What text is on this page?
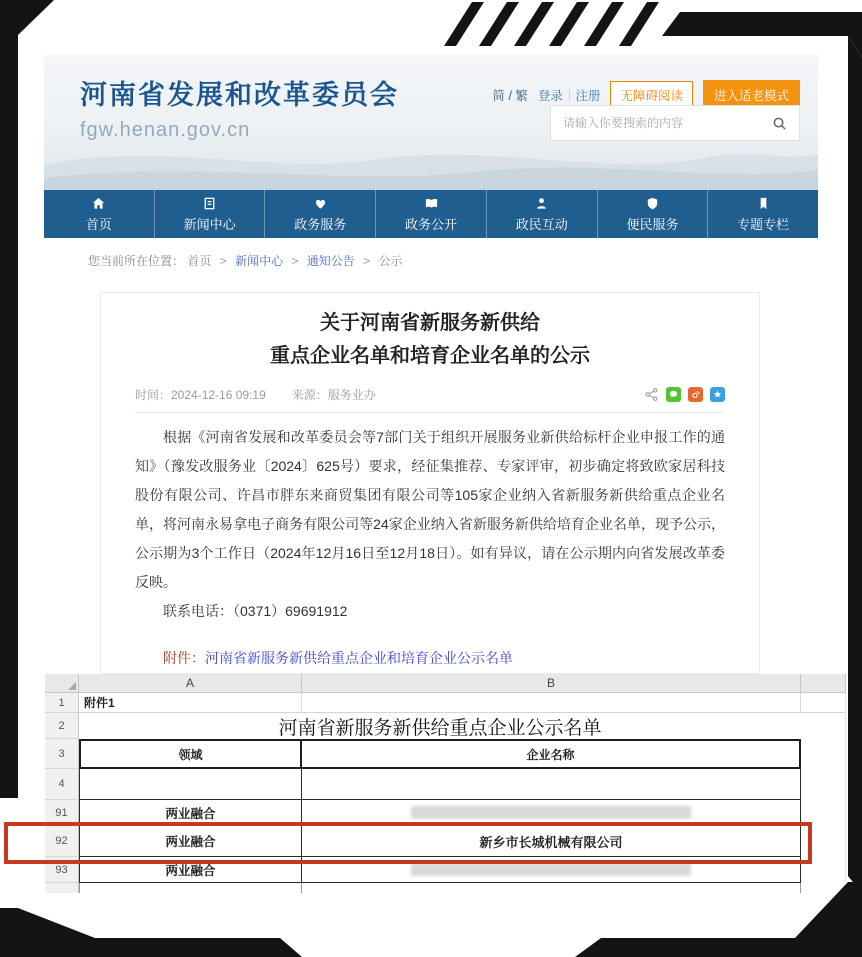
河南省发展和改革委员会
fgw.henan.gov.cn
简 / 繁 登录｜注册	无障碍阅读	进入适老模式
请输入你要搜索的内容
首页	新闻中心	政务服务	政务公开	政民互动	便民服务	专题专栏
您当前所在位置： 首页 > 新闻中心 > 通知公告 > 公示
关于河南省新服务新供给
重点企业名单和培育企业名单的公示
时间：2024-12-16 09:19 来源：服务业办

根据《河南省发展和改革委员会等7部门关于组织开展服务业新供给标杆企业申报工作的通知》（豫发改服务业〔2024〕625号）要求，经征集推荐、专家评审，初步确定将致欧家居科技股份有限公司、许昌市胖东来商贸集团有限公司等105家企业纳入省新服务新供给重点企业名单，将河南永易拿电子商务有限公司等24家企业纳入省新服务新供给培育企业名单，现予公示，公示期为3个工作日（2024年12月16日至12月18日）。如有异议，请在公示期内向省发展改革委反映。

联系电话：（0371）69691912

附件：河南省新服务新供给重点企业和培育企业公示名单
A	B
1	附件1
2	河南省新服务新供给重点企业公示名单
3	领域	企业名称
4
91	两业融合
92	两业融合	新乡市长城机械有限公司
93	两业融合
